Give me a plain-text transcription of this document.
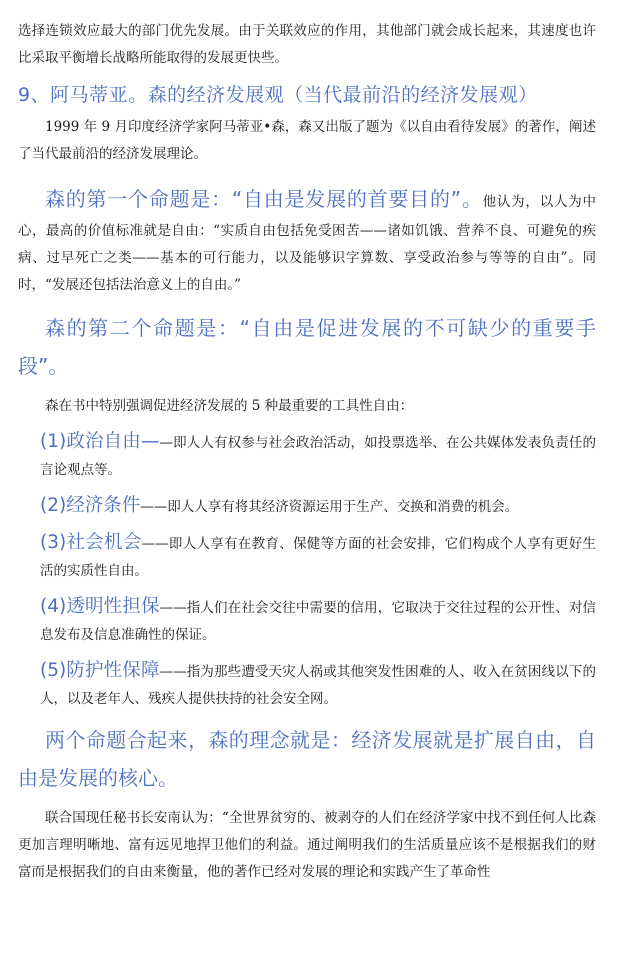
选择连锁效应最大的部门优先发展。由于关联效应的作用，其他部门就会成长起来，其速度也许比采取平衡增长战略所能取得的发展更快些。

9、阿马蒂亚。森的经济发展观（当代最前沿的经济发展观）

1999 年 9 月印度经济学家阿马蒂亚•森，森又出版了题为《以自由看待发展》的著作，阐述了当代最前沿的经济发展理论。

森的第一个命题是：“自由是发展的首要目的”。他认为，以人为中心，最高的价值标准就是自由：“实质自由包括免受困苦——诸如饥饿、营养不良、可避免的疾病、过早死亡之类——基本的可行能力，以及能够识字算数、享受政治参与等等的自由”。同时，“发展还包括法治意义上的自由。”

森的第二个命题是：“自由是促进发展的不可缺少的重要手段”。

森在书中特别强调促进经济发展的 5 种最重要的工具性自由：

(1)政治自由——即人人有权参与社会政治活动，如投票选举、在公共媒体发表负责任的言论观点等。

(2)经济条件——即人人享有将其经济资源运用于生产、交换和消费的机会。

(3)社会机会——即人人享有在教育、保健等方面的社会安排，它们构成个人享有更好生活的实质性自由。

(4)透明性担保——指人们在社会交往中需要的信用，它取决于交往过程的公开性、对信息发布及信息准确性的保证。

(5)防护性保障——指为那些遭受天灾人祸或其他突发性困难的人、收入在贫困线以下的人，以及老年人、残疾人提供扶持的社会安全网。

两个命题合起来，森的理念就是：经济发展就是扩展自由，自由是发展的核心。

联合国现任秘书长安南认为：“全世界贫穷的、被剥夺的人们在经济学家中找不到任何人比森更加言理明晰地、富有远见地捍卫他们的利益。通过阐明我们的生活质量应该不是根据我们的财富而是根据我们的自由来衡量，他的著作已经对发展的理论和实践产生了革命性
